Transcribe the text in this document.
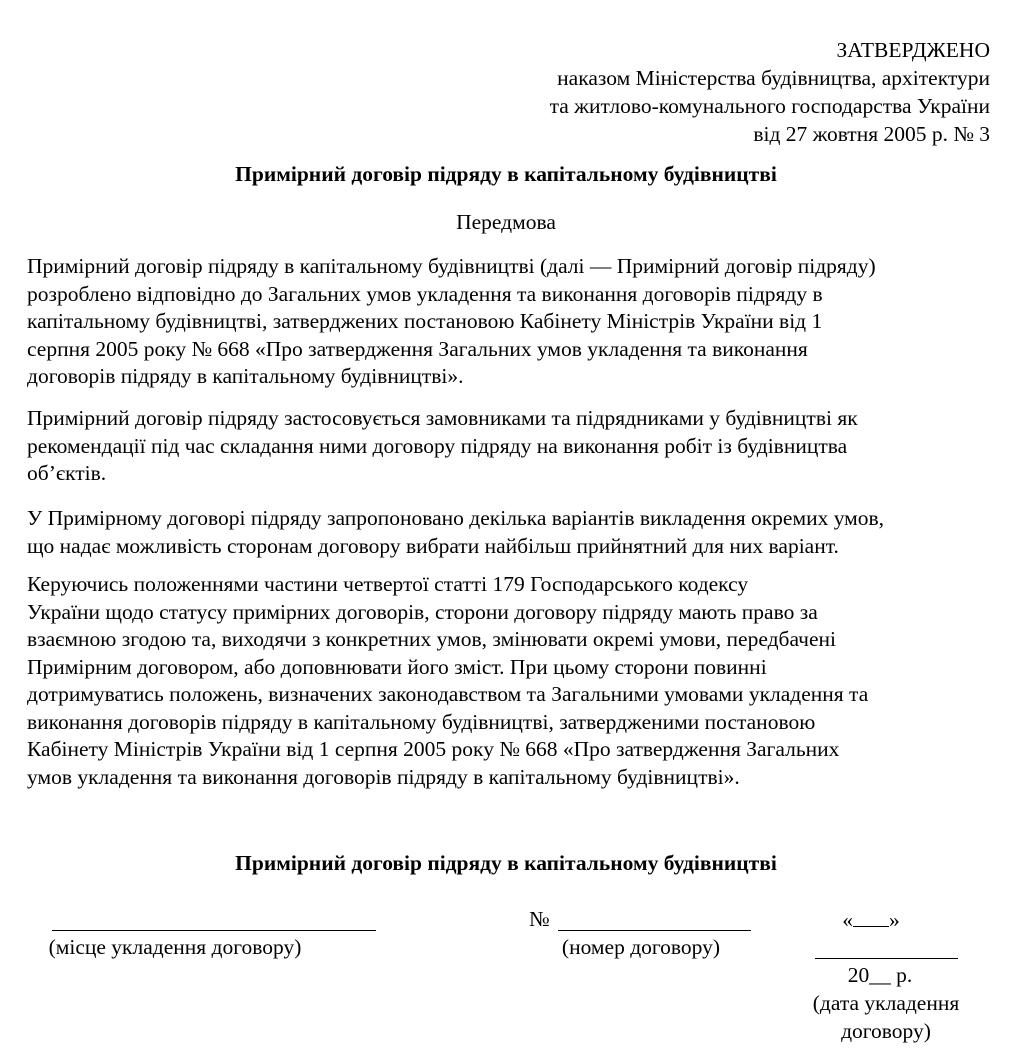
ЗАТВЕРДЖЕНО
наказом Міністерства будівництва, архітектури
та житлово-комунального господарства України
від 27 жовтня 2005 р. № 3
Примірний договір підряду в капітальному будівництві
Передмова
Примірний договір підряду в капітальному будівництві (далі — Примірний договір підряду)
розроблено відповідно до Загальних умов укладення та виконання договорів підряду в
капітальному будівництві, затверджених постановою Кабінету Міністрів України від 1
серпня 2005 року № 668 «Про затвердження Загальних умов укладення та виконання
договорів підряду в капітальному будівництві».
Примірний договір підряду застосовується замовниками та підрядниками у будівництві як
рекомендації під час складання ними договору підряду на виконання робіт із будівництва
об’єктів.
У Примірному договорі підряду запропоновано декілька варіантів викладення окремих умов,
що надає можливість сторонам договору вибрати найбільш прийнятний для них варіант.
Керуючись положеннями частини четвертої статті 179 Господарського кодексу
України щодо статусу примірних договорів, сторони договору підряду мають право за
взаємною згодою та, виходячи з конкретних умов, змінювати окремі умови, передбачені
Примірним договором, або доповнювати його зміст. При цьому сторони повинні
дотримуватись положень, визначених законодавством та Загальними умовами укладення та
виконання договорів підряду в капітальному будівництві, затвердженими постановою
Кабінету Міністрів України від 1 серпня 2005 року № 668 «Про затвердження Загальних
умов укладення та виконання договорів підряду в капітальному будівництві».
Примірний договір підряду в капітальному будівництві
(місце укладення договору)
№
(номер договору)
« »
20__ р.
(дата укладення
договору)
